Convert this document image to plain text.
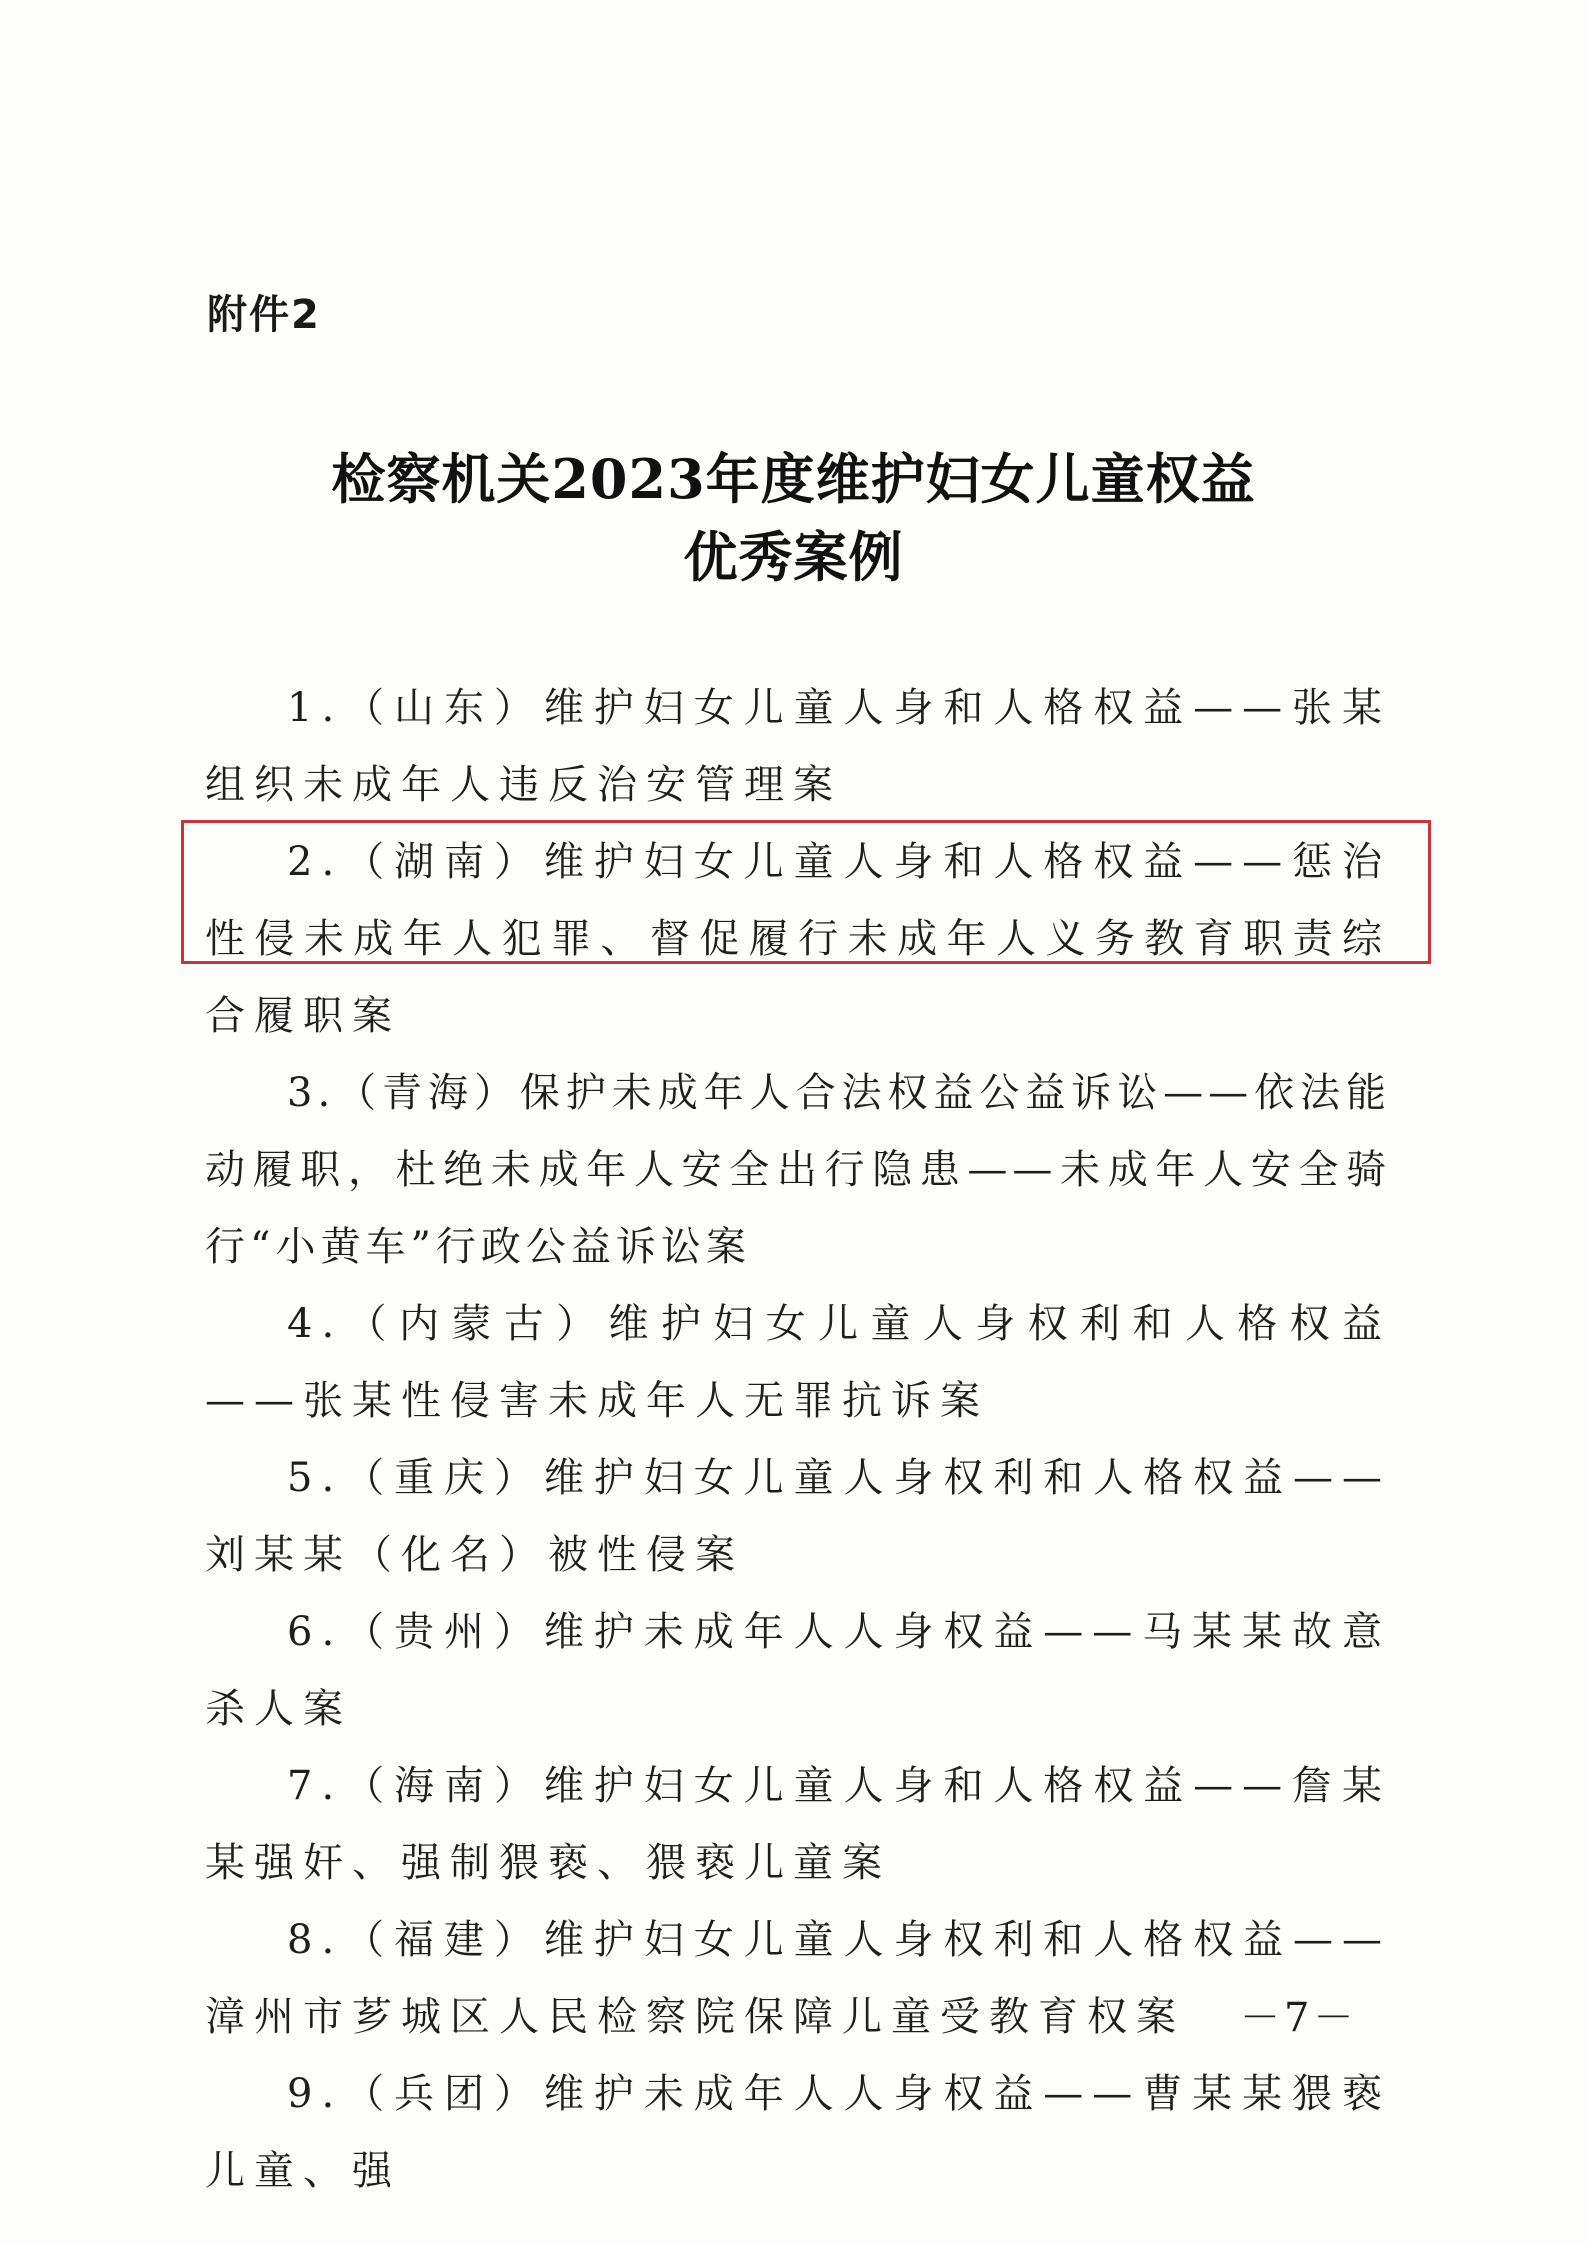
附件2
检察机关2023年度维护妇女儿童权益
优秀案例
1.（山东）维护妇女儿童人身和人格权益——张某组织未成年人违反治安管理案
2.（湖南）维护妇女儿童人身和人格权益——惩治性侵未成年人犯罪、督促履行未成年人义务教育职责综合履职案
3.（青海）保护未成年人合法权益公益诉讼——依法能动履职，杜绝未成年人安全出行隐患——未成年人安全骑行“小黄车”行政公益诉讼案
4.（内蒙古）维护妇女儿童人身权利和人格权益——张某性侵害未成年人无罪抗诉案
5.（重庆）维护妇女儿童人身权利和人格权益——刘某某（化名）被性侵案
6.（贵州）维护未成年人人身权益——马某某故意杀人案
7.（海南）维护妇女儿童人身和人格权益——詹某某强奸、强制猥亵、猥亵儿童案
8.（福建）维护妇女儿童人身权利和人格权益——漳州市芗城区人民检察院保障儿童受教育权案
9.（兵团）维护未成年人人身权益——曹某某猥亵儿童、强
－7－
